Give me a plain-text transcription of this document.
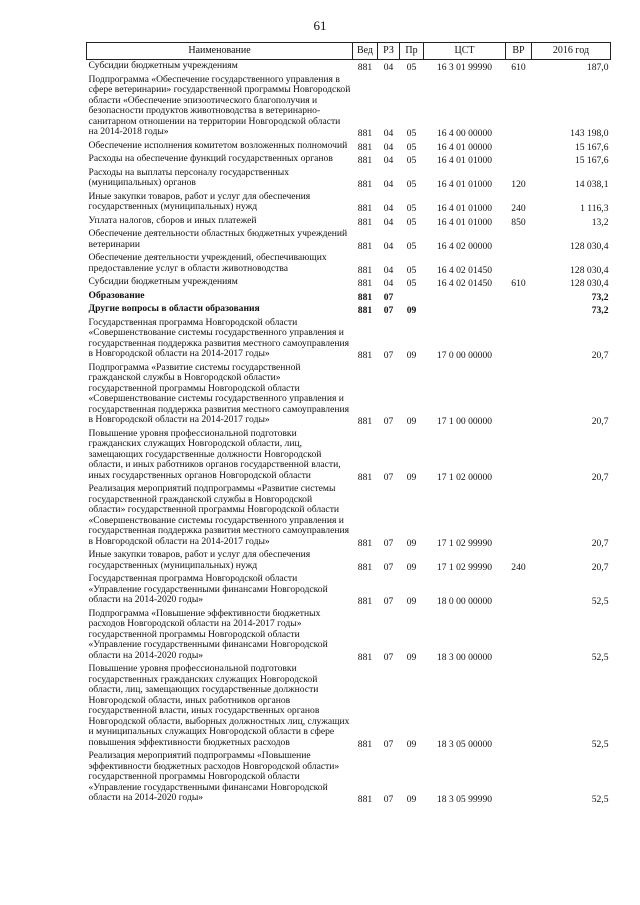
61
Наименование	Вед	РЗ	Пр	ЦСТ	ВР	2016 год
Субсидии бюджетным учреждениям	881	04	05	16 3 01 99990	610	187,0
Подпрограмма «Обеспечение государственного управления в сфере ветеринарии» государственной программы Новгородской области «Обеспечение эпизоотического благополучия и безопасности продуктов животноводства в ветеринарно-санитарном отношении на территории Новгородской области на 2014-2018 годы»	881	04	05	16 4 00 00000		143 198,0
Обеспечение исполнения комитетом возложенных полномочий	881	04	05	16 4 01 00000		15 167,6
Расходы на обеспечение функций государственных органов	881	04	05	16 4 01 01000		15 167,6
Расходы на выплаты персоналу государственных (муниципальных) органов	881	04	05	16 4 01 01000	120	14 038,1
Иные закупки товаров, работ и услуг для обеспечения государственных (муниципальных) нужд	881	04	05	16 4 01 01000	240	1 116,3
Уплата налогов, сборов и иных платежей	881	04	05	16 4 01 01000	850	13,2
Обеспечение деятельности областных бюджетных учреждений ветеринарии	881	04	05	16 4 02 00000		128 030,4
Обеспечение деятельности учреждений, обеспечивающих предоставление услуг в области животноводства	881	04	05	16 4 02 01450		128 030,4
Субсидии бюджетным учреждениям	881	04	05	16 4 02 01450	610	128 030,4
Образование	881	07				73,2
Другие вопросы в области образования	881	07	09			73,2
Государственная программа Новгородской области «Совершенствование системы государственного управления и государственная поддержка развития местного самоуправления в Новгородской области на 2014-2017 годы»	881	07	09	17 0 00 00000		20,7
Подпрограмма «Развитие системы государственной гражданской службы в Новгородской области» государственной программы Новгородской области «Совершенствование системы государственного управления и государственная поддержка развития местного самоуправления в Новгородской области на 2014-2017 годы»	881	07	09	17 1 00 00000		20,7
Повышение уровня профессиональной подготовки гражданских служащих Новгородской области, лиц, замещающих государственные должности Новгородской области, и иных работников органов государственной власти, иных государственных органов Новгородской области	881	07	09	17 1 02 00000		20,7
Реализация мероприятий подпрограммы «Развитие системы государственной гражданской службы в Новгородской области» государственной программы Новгородской области «Совершенствование системы государственного управления и государственная поддержка развития местного самоуправления в Новгородской области на 2014-2017 годы»	881	07	09	17 1 02 99990		20,7
Иные закупки товаров, работ и услуг для обеспечения государственных (муниципальных) нужд	881	07	09	17 1 02 99990	240	20,7
Государственная программа Новгородской области «Управление государственными финансами Новгородской области на 2014-2020 годы»	881	07	09	18 0 00 00000		52,5
Подпрограмма «Повышение эффективности бюджетных расходов Новгородской области на 2014-2017 годы» государственной программы Новгородской области «Управление государственными финансами Новгородской области на 2014-2020 годы»	881	07	09	18 3 00 00000		52,5
Повышение уровня профессиональной подготовки государственных гражданских служащих Новгородской области, лиц, замещающих государственные должности Новгородской области, иных работников органов государственной власти, иных государственных органов Новгородской области, выборных должностных лиц, служащих и муниципальных служащих Новгородской области в сфере повышения эффективности бюджетных расходов	881	07	09	18 3 05 00000		52,5
Реализация мероприятий подпрограммы «Повышение эффективности бюджетных расходов Новгородской области» государственной программы Новгородской области «Управление государственными финансами Новгородской области на 2014-2020 годы»	881	07	09	18 3 05 99990		52,5
